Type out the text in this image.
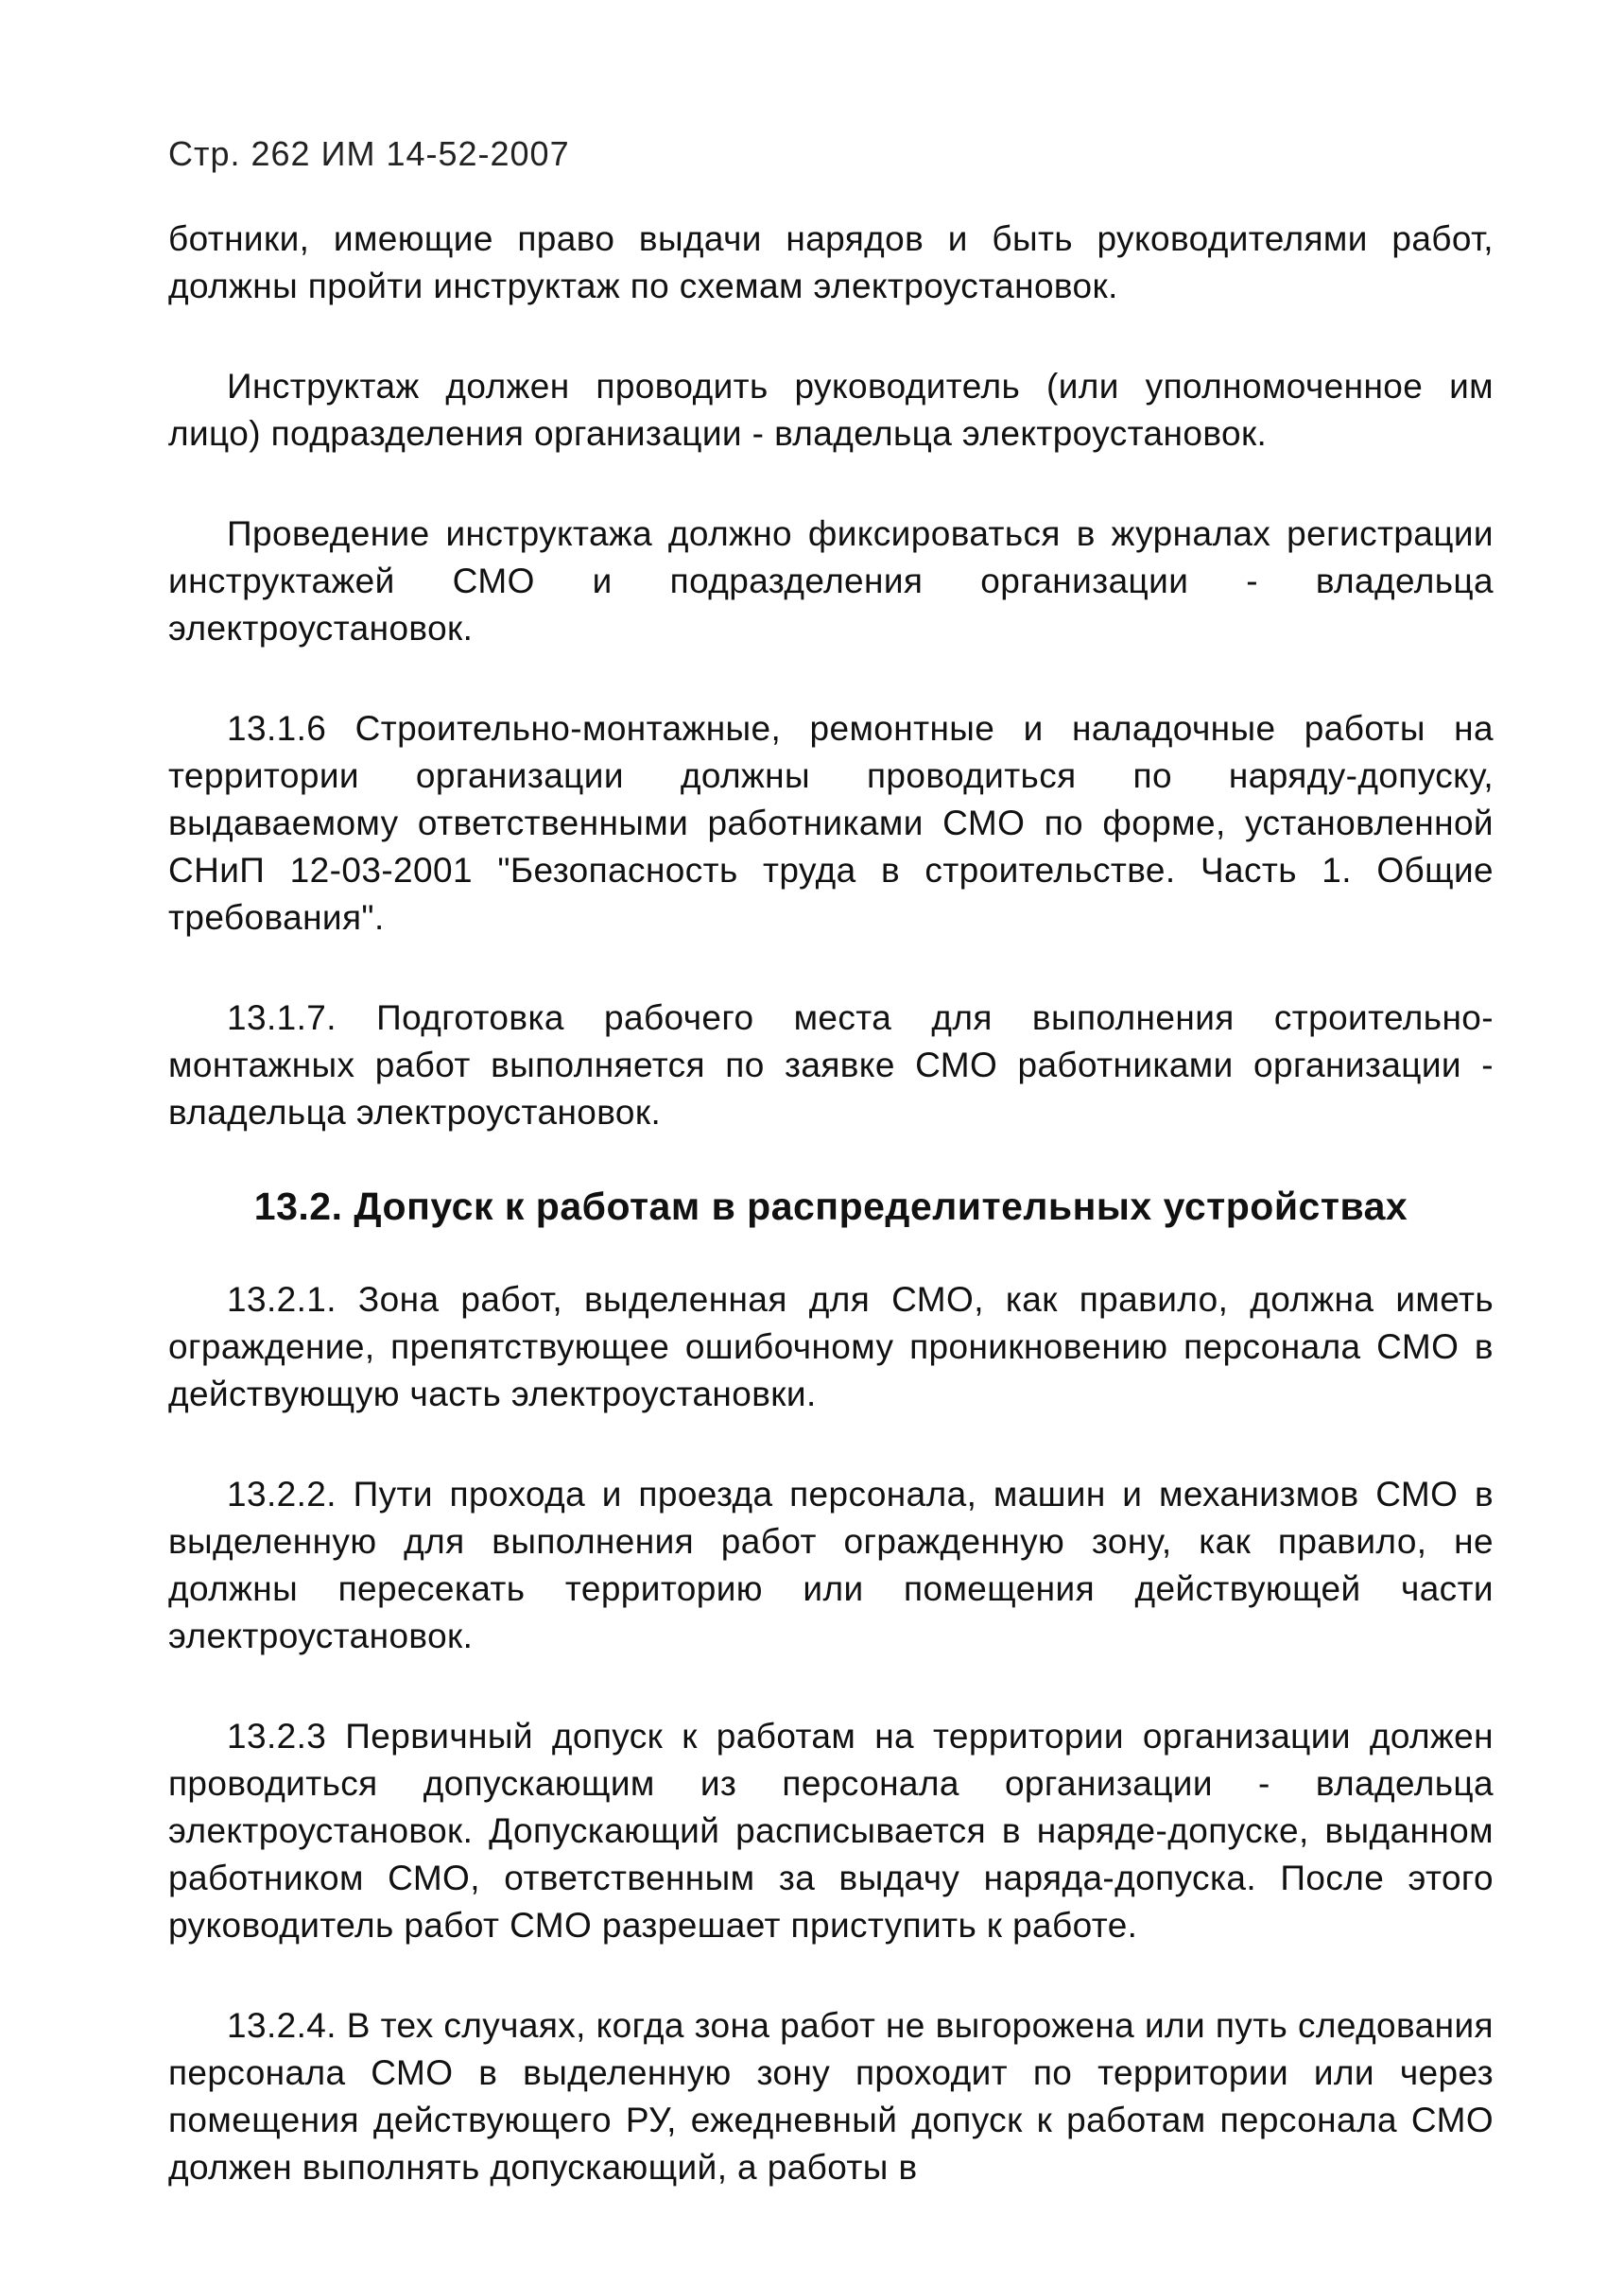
Стр. 262 ИМ 14-52-2007

ботники, имеющие право выдачи нарядов и быть руководителями работ, должны пройти инструктаж по схемам электроустановок.

Инструктаж должен проводить руководитель (или уполномоченное им лицо) подразделения организации - владельца электроустановок.

Проведение инструктажа должно фиксироваться в журналах регистрации инструктажей СМО и подразделения организации - владельца электроустановок.

13.1.6 Строительно-монтажные, ремонтные и наладочные работы на территории организации должны проводиться по наряду-допуску, выдаваемому ответственными работниками СМО по форме, установленной СНиП 12-03-2001 "Безопасность труда в строительстве. Часть 1. Общие требования".

13.1.7. Подготовка рабочего места для выполнения строительно-монтажных работ выполняется по заявке СМО работниками организации - владельца электроустановок.

13.2. Допуск к работам в распределительных устройствах

13.2.1. Зона работ, выделенная для СМО, как правило, должна иметь ограждение, препятствующее ошибочному проникновению персонала СМО в действующую часть электроустановки.

13.2.2. Пути прохода и проезда персонала, машин и механизмов СМО в выделенную для выполнения работ огражденную зону, как правило, не должны пересекать территорию или помещения действующей части электроустановок.

13.2.3 Первичный допуск к работам на территории организации должен проводиться допускающим из персонала организации - владельца электроустановок. Допускающий расписывается в наряде-допуске, выданном работником СМО, ответственным за выдачу наряда-допуска. После этого руководитель работ СМО разрешает приступить к работе.

13.2.4. В тех случаях, когда зона работ не выгорожена или путь следования персонала СМО в выделенную зону проходит по территории или через помещения действующего РУ, ежедневный допуск к работам персонала СМО должен выполнять допускающий, а работы в
